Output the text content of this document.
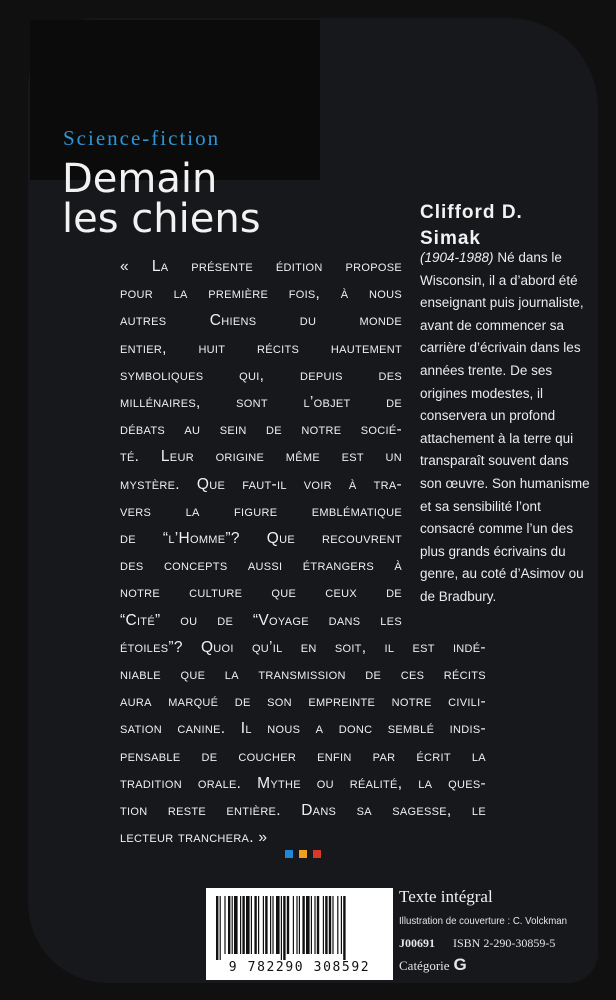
Science-fiction

Demain
les chiens	Clifford D.
Simak

(1904-1988) Né dans le Wisconsin, il a d’abord été enseignant puis journaliste, avant de commencer sa carrière d’écrivain dans les années trente. De ses origines modestes, il conservera un profond attachement à la terre qui transparaît souvent dans son œuvre. Son humanisme et sa sensibilité l’ont consacré comme l’un des plus grands écrivains du genre, au coté d’Asimov ou de Bradbury.

« La présente édition propose
pour la première fois, à nous
autres	Chiens	du	monde
entier, huit récits hautement
symboliques qui, depuis des
millénaires, sont l’objet de
débats au sein de notre socié-
té. Leur origine même est un
mystère. Que faut-il voir à tra-
vers la figure emblématique
de “l’Homme”? Que recouvrent
des concepts aussi étrangers à
notre culture que ceux de
“Cité” ou de “Voyage dans les
étoiles”? Quoi qu’il en soit, il est indé-
niable que la transmission de ces récits
aura marqué de son empreinte notre civili-
sation canine. Il nous a donc semblé indis-
pensable de coucher enfin par écrit la
tradition orale. Mythe ou réalité, la ques-
tion reste entière. Dans sa sagesse, le
lecteur tranchera. »

9 782290 308592

Texte intégral

Illustration de couverture : C. Volckman

J00691 ISBN 2-290-30859-5

Catégorie G
